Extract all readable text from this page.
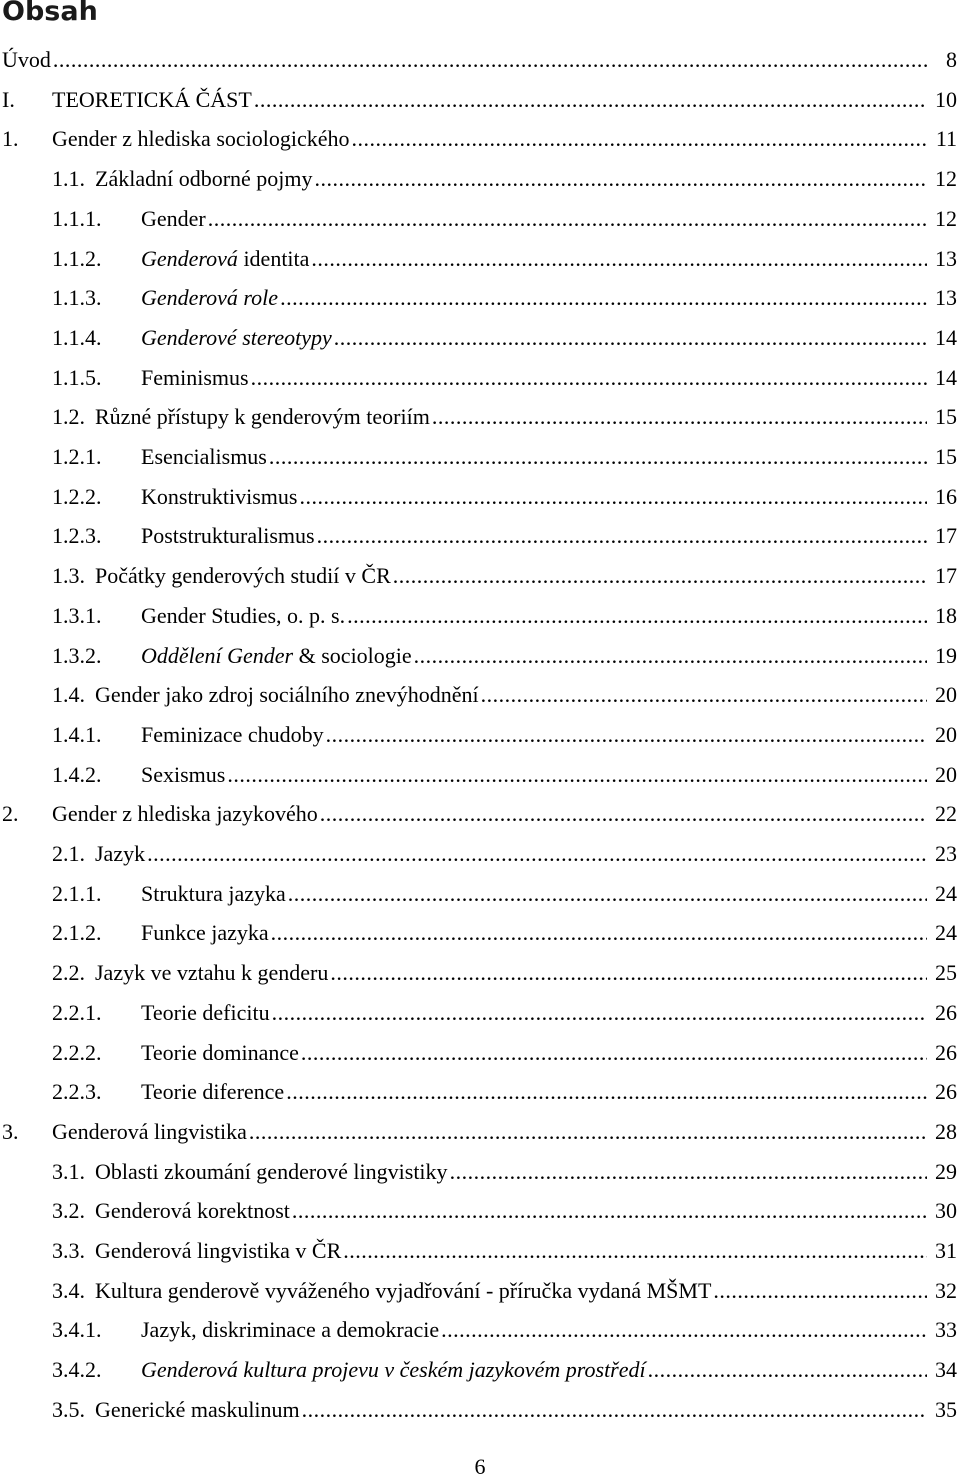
Obsah
Úvod .....	8
I. TEORETICKÁ ČÁST .....	10
1. Gender z hlediska sociologického .....	11
1.1. Základní odborné pojmy .....	12
1.1.1. Gender .....	12
1.1.2. Genderová identita .....	13
1.1.3. Genderová role .....	13
1.1.4. Genderové stereotypy .....	14
1.1.5. Feminismus .....	14
1.2. Různé přístupy k genderovým teoriím .....	15
1.2.1. Esencialismus .....	15
1.2.2. Konstruktivismus .....	16
1.2.3. Poststrukturalismus .....	17
1.3. Počátky genderových studií v ČR .....	17
1.3.1. Gender Studies, o. p. s. .....	18
1.3.2. Oddělení Gender & sociologie .....	19
1.4. Gender jako zdroj sociálního znevýhodnění .....	20
1.4.1. Feminizace chudoby .....	20
1.4.2. Sexismus .....	20
2. Gender z hlediska jazykového .....	22
2.1. Jazyk .....	23
2.1.1. Struktura jazyka .....	24
2.1.2. Funkce jazyka .....	24
2.2. Jazyk ve vztahu k genderu .....	25
2.2.1. Teorie deficitu .....	26
2.2.2. Teorie dominance .....	26
2.2.3. Teorie diference .....	26
3. Genderová lingvistika .....	28
3.1. Oblasti zkoumání genderové lingvistiky .....	29
3.2. Genderová korektnost .....	30
3.3. Genderová lingvistika v ČR .....	31
3.4. Kultura genderově vyváženého vyjadřování - příručka vydaná MŠMT .....	32
3.4.1. Jazyk, diskriminace a demokracie .....	33
3.4.2. Genderová kultura projevu v českém jazykovém prostředí .....	34
3.5. Generické maskulinum .....	35
6
